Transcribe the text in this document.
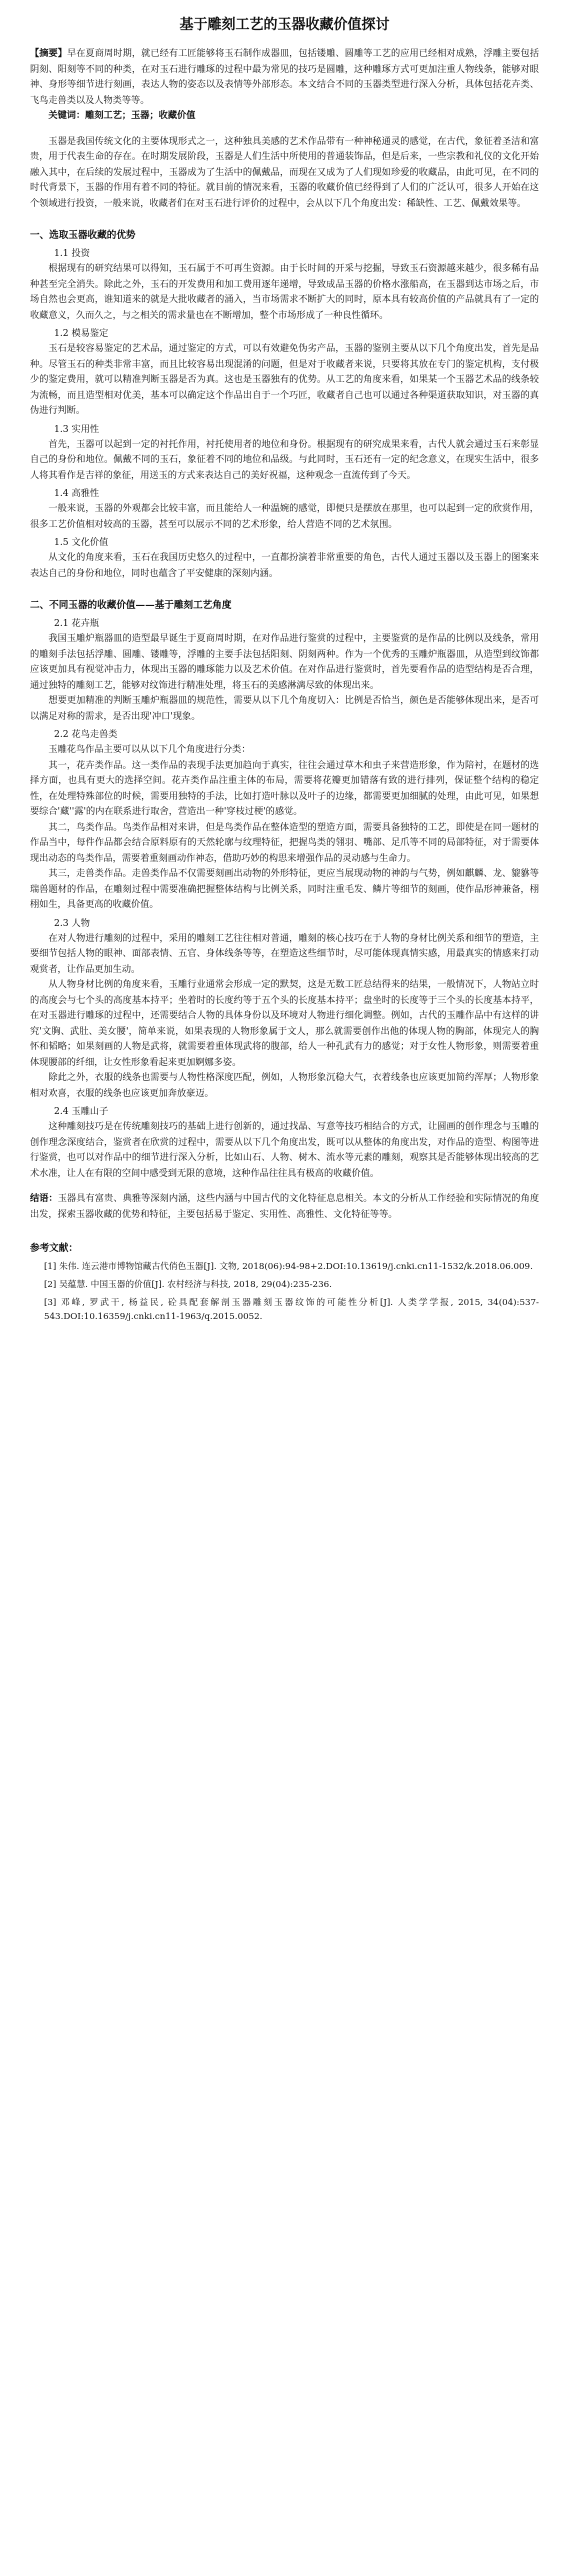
基于雕刻工艺的玉器收藏价值探讨

【摘要】早在夏商周时期，就已经有工匠能够将玉石制作成器皿，包括镂雕、圆雕等工艺的应用已经相对成熟，浮雕主要包括阴刻、阳刻等不同的种类，在对玉石进行雕琢的过程中最为常见的技巧是圆雕，这种雕琢方式可更加注重人物线条，能够对眼神、身形等细节进行刻画，表达人物的姿态以及表情等外部形态。本文结合不同的玉器类型进行深入分析，具体包括花卉类、飞鸟走兽类以及人物类等等。

关键词：雕刻工艺；玉器；收藏价值

玉器是我国传统文化的主要体现形式之一，这种独具美感的艺术作品带有一种神秘通灵的感觉，在古代，象征着圣洁和富贵，用于代表生命的存在。在时期发展阶段，玉器是人们生活中所使用的普通装饰品，但是后来，一些宗教和礼仪的文化开始融入其中，在后续的发展过程中，玉器成为了生活中的佩戴品，而现在又成为了人们现如珍爱的收藏品，由此可见，在不同的时代背景下，玉器的作用有着不同的特征。就目前的情况来看，玉器的收藏价值已经得到了人们的广泛认可，很多人开始在这个领域进行投资，一般来说，收藏者们在对玉石进行评价的过程中，会从以下几个角度出发：稀缺性、工艺、佩戴效果等。

一、选取玉器收藏的优势
1.1 投资

根据现有的研究结果可以得知，玉石属于不可再生资源。由于长时间的开采与挖掘，导致玉石资源越来越少，很多稀有品种甚至完全消失。除此之外，玉石的开发费用和加工费用逐年递增，导致成品玉器的价格水涨船高，在玉器到达市场之后，市场自然也会更高，谁知道来的就是大批收藏者的涌入，当市场需求不断扩大的同时，原本具有较高价值的产品就具有了一定的收藏意义，久而久之，与之相关的需求量也在不断增加，整个市场形成了一种良性循环。

1.2 模易鉴定

玉石是较容易鉴定的艺术品，通过鉴定的方式，可以有效避免伪劣产品，玉器的鉴别主要从以下几个角度出发，首先是品种。尽管玉石的种类非常丰富，而且比较容易出现混淆的问题，但是对于收藏者来说，只要将其放在专门的鉴定机构，支付极少的鉴定费用，就可以精准判断玉器是否为真。这也是玉器独有的优势。从工艺的角度来看，如果某一个玉器艺术品的线条较为流畅，而且造型相对优美，基本可以确定这个作品出自于一个巧匠，收藏者自己也可以通过各种渠道获取知识，对玉器的真伪进行判断。

1.3 实用性

首先，玉器可以起到一定的衬托作用，衬托使用者的地位和身份。根据现有的研究成果来看，古代人就会通过玉石来彰显自己的身份和地位。佩戴不同的玉石，象征着不同的地位和品级。与此同时，玉石还有一定的纪念意义，在现实生活中，很多人将其看作是吉祥的象征，用送玉的方式来表达自己的美好祝福，这种观念一直流传到了今天。

1.4 高雅性

一般来说，玉器的外观都会比较丰富，而且能给人一种温婉的感觉，即便只是摆放在那里，也可以起到一定的欣赏作用，很多工艺价值相对较高的玉器，甚至可以展示不同的艺术形象，给人营造不同的艺术氛围。

1.5 文化价值

从文化的角度来看，玉石在我国历史悠久的过程中，一直都扮演着非常重要的角色，古代人通过玉器以及玉器上的图案来表达自己的身份和地位，同时也蕴含了平安健康的深刻内涵。

二、不同玉器的收藏价值——基于雕刻工艺角度
2.1 花卉瓶

我国玉雕炉瓶器皿的造型最早诞生于夏商周时期，在对作品进行鉴赏的过程中，主要鉴赏的是作品的比例以及线条，常用的雕刻手法包括浮雕、圆雕、镂雕等，浮雕的主要手法包括阳刻、阴刻两种。作为一个优秀的玉雕炉瓶器皿，从造型到纹饰都应该更加具有视觉冲击力，体现出玉器的雕琢能力以及艺术价值。在对作品进行鉴赏时，首先要看作品的造型结构是否合理，通过独特的雕刻工艺，能够对纹饰进行精准处理，将玉石的美感淋漓尽致的体现出来。

想要更加精准的判断玉雕炉瓶器皿的规范性，需要从以下几个角度切入：比例是否恰当，颜色是否能够体现出来，是否可以满足对称的需求，是否出现'冲口'现象。

2.2 花鸟走兽类

玉雕花鸟作品主要可以从以下几个角度进行分类：

其一，花卉类作品。这一类作品的表现手法更加趋向于真实，往往会通过草木和虫子来营造形象，作为陪衬，在题材的选择方面，也具有更大的选择空间。花卉类作品注重主体的布局，需要将花瓣更加错落有致的进行排列，保证整个结构的稳定性，在处理特殊部位的时候，需要用独特的手法，比如打造叶脉以及叶子的边缘，都需要更加细腻的处理，由此可见，如果想要综合'藏''露'的内在联系进行取舍，营造出一种'穿枝过梗'的感觉。

其二，鸟类作品。鸟类作品相对来讲，但是鸟类作品在整体造型的塑造方面，需要具备独特的工艺，即使是在同一题材的作品当中，每件作品都会结合原料原有的天然轮廓与纹理特征，把握鸟类的翎羽、嘴部、足爪等不同的局部特征，对于需要体现出动态的鸟类作品，需要着重刻画动作神态，借助巧妙的构思来增强作品的灵动感与生命力。

其三，走兽类作品。走兽类作品不仅需要刻画出动物的外形特征，更应当展现动物的神韵与气势，例如麒麟、龙、貔貅等瑞兽题材的作品，在雕刻过程中需要准确把握整体结构与比例关系，同时注重毛发、鳞片等细节的刻画，使作品形神兼备，栩栩如生，具备更高的收藏价值。

2.3 人物

在对人物进行雕刻的过程中，采用的雕刻工艺往往相对普通，雕刻的核心技巧在于人物的身材比例关系和细节的塑造，主要细节包括人物的眼神、面部表情、五官、身体线条等等，在塑造这些细节时，尽可能体现真情实感，用最真实的情感来打动观赏者，让作品更加生动。

从人物身材比例的角度来看，玉雕行业通常会形成一定的默契，这是无数工匠总结得来的结果，一般情况下，人物站立时的高度会与七个头的高度基本持平；坐着时的长度约等于五个头的长度基本持平；盘坐时的长度等于三个头的长度基本持平，在对玉器进行雕琢的过程中，还需要结合人物的具体身份以及环境对人物进行细化调整。例如，古代的玉雕作品中有这样的讲究'文胸、武肚、美女腰'，简单来说，如果表现的人物形象属于文人，那么就需要创作出他的体现人物的胸部，体现完人的胸怀和韬略；如果刻画的人物是武将，就需要着重体现武将的腹部，给人一种孔武有力的感觉；对于女性人物形象，则需要着重体现腰部的纤细，让女性形象看起来更加婀娜多姿。

除此之外，衣服的线条也需要与人物性格深度匹配，例如，人物形象沉稳大气，衣着线条也应该更加简约浑厚；人物形象相对欢喜，衣服的线条也应该更加奔放豪迈。

2.4 玉雕山子

这种雕刻技巧是在传统雕刻技巧的基础上进行创新的，通过找晶、写意等技巧相结合的方式，让圆画的创作理念与玉雕的创作理念深度结合，鉴赏者在欣赏的过程中，需要从以下几个角度出发，既可以从整体的角度出发，对作品的造型、构图等进行鉴赏，也可以对作品中的细节进行深入分析，比如山石、人物、树木、流水等元素的雕刻，观察其是否能够体现出较高的艺术水准，让人在有限的空间中感受到无限的意境，这种作品往往具有极高的收藏价值。

结语：玉器具有富贵、典雅等深刻内涵，这些内涵与中国古代的文化特征息息相关。本文的分析从工作经验和实际情况的角度出发，探索玉器收藏的优势和特征，主要包括易于鉴定、实用性、高雅性、文化特征等等。

参考文献：

[1] 朱伟. 连云港市博物馆藏古代俏色玉器[J]. 文物, 2018(06):94-98+2.DOI:10.13619/j.cnki.cn11-1532/k.2018.06.009.

[2] 吴蕴慧. 中国玉器的价值[J]. 农村经济与科技, 2018, 29(04):235-236.

[3] 邓峰, 罗武干, 杨益民, 砼具配套解剖玉器雕刻玉器纹饰的可能性分析[J]. 人类学学报, 2015, 34(04):537-543.DOI:10.16359/j.cnki.cn11-1963/q.2015.0052.
